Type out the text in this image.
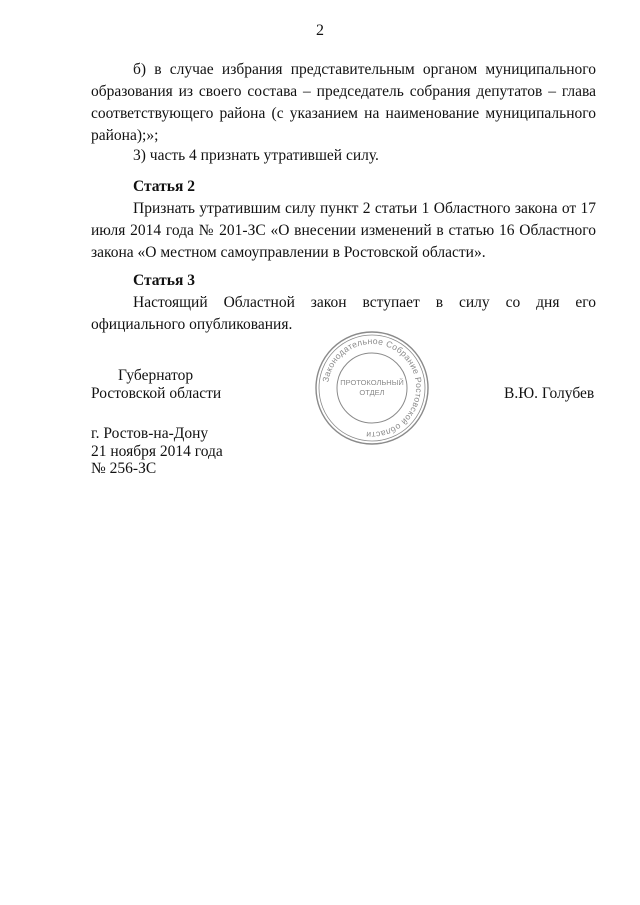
2
б) в случае избрания представительным органом муниципального образования из своего состава – председатель собрания депутатов – глава соответствующего района (с указанием на наименование муниципального района);»;
3) часть 4 признать утратившей силу.
Статья 2
Признать утратившим силу пункт 2 статьи 1 Областного закона от 17 июля 2014 года № 201-ЗС «О внесении изменений в статью 16 Областного закона «О местном самоуправлении в Ростовской области».
Статья 3
Настоящий Областной закон вступает в силу со дня его официального опубликования.
Губернатор
Ростовской области	В.Ю. Голубев
Законодательное Собрание Ростовской области
ПРОТОКОЛЬНЫЙ
ОТДЕЛ
г. Ростов-на-Дону
21 ноября 2014 года
№ 256-ЗС
